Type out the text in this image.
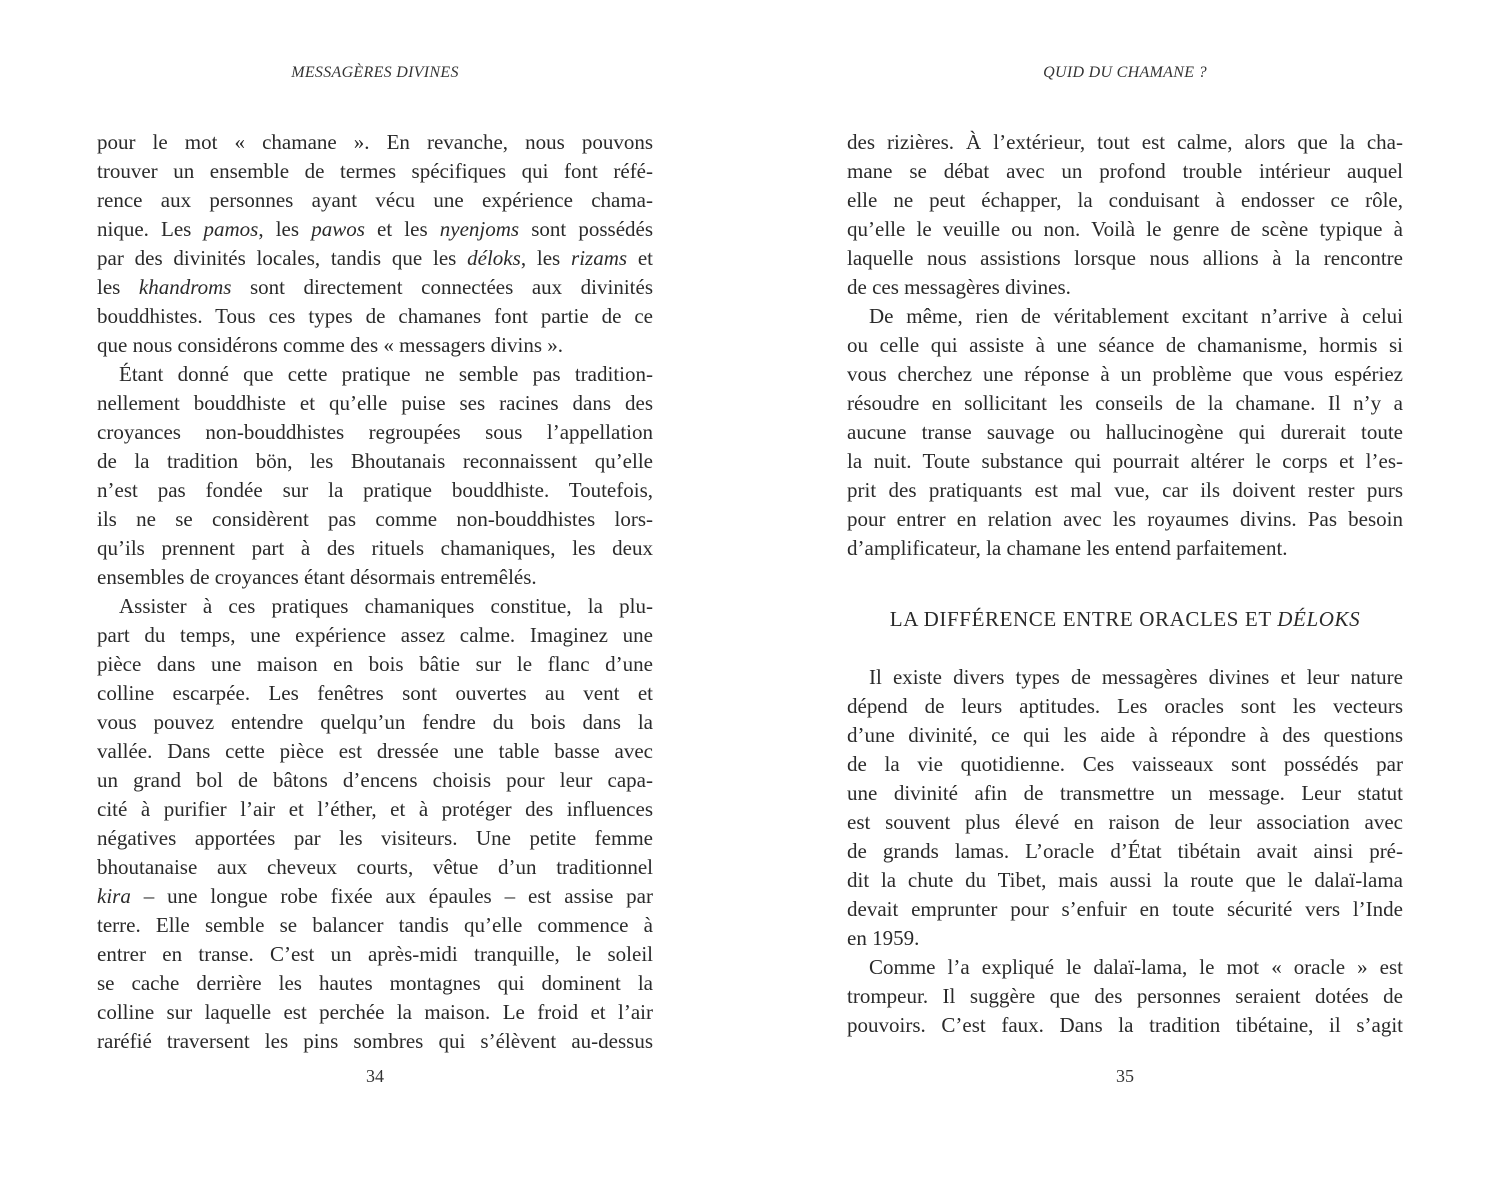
MESSAGÈRES DIVINES
pour le mot « chamane ». En revanche, nous pouvons
trouver un ensemble de termes spécifiques qui font réfé-
rence aux personnes ayant vécu une expérience chama-
nique. Les pamos, les pawos et les nyenjoms sont possédés
par des divinités locales, tandis que les déloks, les rizams et
les khandroms sont directement connectées aux divinités
bouddhistes. Tous ces types de chamanes font partie de ce
que nous considérons comme des « messagers divins ».
Étant donné que cette pratique ne semble pas tradition-
nellement bouddhiste et qu’elle puise ses racines dans des
croyances non-bouddhistes regroupées sous l’appellation
de la tradition bön, les Bhoutanais reconnaissent qu’elle
n’est pas fondée sur la pratique bouddhiste. Toutefois,
ils ne se considèrent pas comme non-bouddhistes lors-
qu’ils prennent part à des rituels chamaniques, les deux
ensembles de croyances étant désormais entremêlés.
Assister à ces pratiques chamaniques constitue, la plu-
part du temps, une expérience assez calme. Imaginez une
pièce dans une maison en bois bâtie sur le flanc d’une
colline escarpée. Les fenêtres sont ouvertes au vent et
vous pouvez entendre quelqu’un fendre du bois dans la
vallée. Dans cette pièce est dressée une table basse avec
un grand bol de bâtons d’encens choisis pour leur capa-
cité à purifier l’air et l’éther, et à protéger des influences
négatives apportées par les visiteurs. Une petite femme
bhoutanaise aux cheveux courts, vêtue d’un traditionnel
kira – une longue robe fixée aux épaules – est assise par
terre. Elle semble se balancer tandis qu’elle commence à
entrer en transe. C’est un après-midi tranquille, le soleil
se cache derrière les hautes montagnes qui dominent la
colline sur laquelle est perchée la maison. Le froid et l’air
raréfié traversent les pins sombres qui s’élèvent au-dessus
34
QUID DU CHAMANE ?
des rizières. À l’extérieur, tout est calme, alors que la cha-
mane se débat avec un profond trouble intérieur auquel
elle ne peut échapper, la conduisant à endosser ce rôle,
qu’elle le veuille ou non. Voilà le genre de scène typique à
laquelle nous assistions lorsque nous allions à la rencontre
de ces messagères divines.
De même, rien de véritablement excitant n’arrive à celui
ou celle qui assiste à une séance de chamanisme, hormis si
vous cherchez une réponse à un problème que vous espériez
résoudre en sollicitant les conseils de la chamane. Il n’y a
aucune transe sauvage ou hallucinogène qui durerait toute
la nuit. Toute substance qui pourrait altérer le corps et l’es-
prit des pratiquants est mal vue, car ils doivent rester purs
pour entrer en relation avec les royaumes divins. Pas besoin
d’amplificateur, la chamane les entend parfaitement.
LA DIFFÉRENCE ENTRE ORACLES ET DÉLOKS
Il existe divers types de messagères divines et leur nature
dépend de leurs aptitudes. Les oracles sont les vecteurs
d’une divinité, ce qui les aide à répondre à des questions
de la vie quotidienne. Ces vaisseaux sont possédés par
une divinité afin de transmettre un message. Leur statut
est souvent plus élevé en raison de leur association avec
de grands lamas. L’oracle d’État tibétain avait ainsi pré-
dit la chute du Tibet, mais aussi la route que le dalaï-lama
devait emprunter pour s’enfuir en toute sécurité vers l’Inde
en 1959.
Comme l’a expliqué le dalaï-lama, le mot « oracle » est
trompeur. Il suggère que des personnes seraient dotées de
pouvoirs. C’est faux. Dans la tradition tibétaine, il s’agit
35
